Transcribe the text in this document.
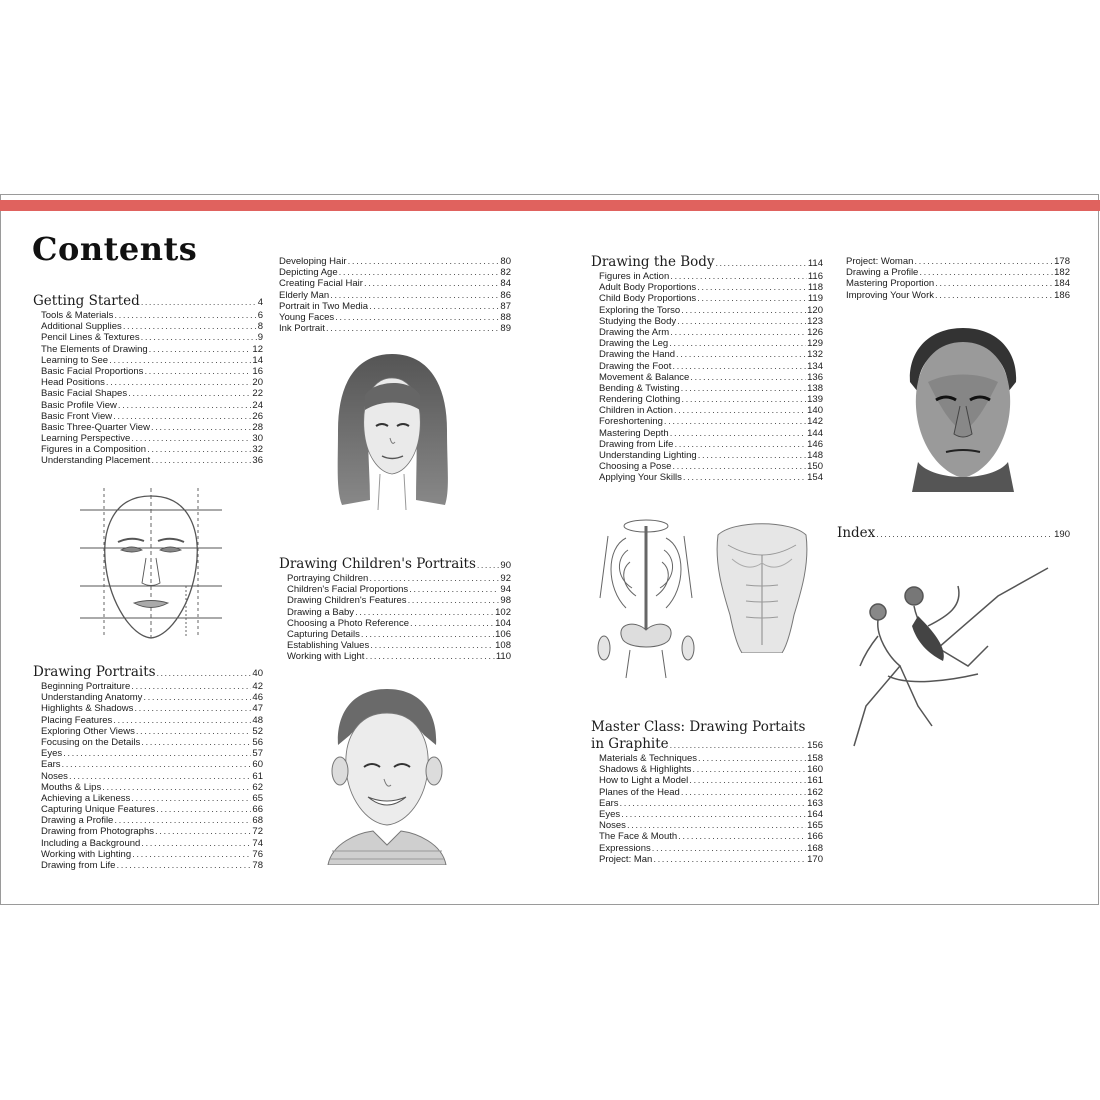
Contents
Getting Started .....	4
Tools & Materials .....	6
Additional Supplies .....	8
Pencil Lines & Textures .....	9
The Elements of Drawing .....	12
Learning to See .....	14
Basic Facial Proportions .....	16
Head Positions .....	20
Basic Facial Shapes .....	22
Basic Profile View .....	24
Basic Front View .....	26
Basic Three-Quarter View .....	28
Learning Perspective .....	30
Figures in a Composition .....	32
Understanding Placement .....	36
Drawing Portraits .....	40
Beginning Portraiture .....	42
Understanding Anatomy .....	46
Highlights & Shadows .....	47
Placing Features .....	48
Exploring Other Views .....	52
Focusing on the Details .....	56
Eyes .....	57
Ears .....	60
Noses .....	61
Mouths & Lips .....	62
Achieving a Likeness .....	65
Capturing Unique Features .....	66
Drawing a Profile .....	68
Drawing from Photographs .....	72
Including a Background .....	74
Working with Lighting .....	76
Drawing from Life .....	78
Developing Hair .....	80
Depicting Age .....	82
Creating Facial Hair .....	84
Elderly Man .....	86
Portrait in Two Media .....	87
Young Faces .....	88
Ink Portrait .....	89
Drawing Children's Portraits .....	90
Portraying Children .....	92
Children's Facial Proportions .....	94
Drawing Children's Features .....	98
Drawing a Baby .....	102
Choosing a Photo Reference .....	104
Capturing Details .....	106
Establishing Values .....	108
Working with Light .....	110
Drawing the Body .....	114
Figures in Action .....	116
Adult Body Proportions .....	118
Child Body Proportions .....	119
Exploring the Torso .....	120
Studying the Body .....	123
Drawing the Arm .....	126
Drawing the Leg .....	129
Drawing the Hand .....	132
Drawing the Foot .....	134
Movement & Balance .....	136
Bending & Twisting .....	138
Rendering Clothing .....	139
Children in Action .....	140
Foreshortening .....	142
Mastering Depth .....	144
Drawing from Life .....	146
Understanding Lighting .....	148
Choosing a Pose .....	150
Applying Your Skills .....	154
Master Class: Drawing Portaits
in Graphite .....	156
Materials & Techniques .....	158
Shadows & Highlights .....	160
How to Light a Model .....	161
Planes of the Head .....	162
Ears .....	163
Eyes .....	164
Noses .....	165
The Face & Mouth .....	166
Expressions .....	168
Project: Man .....	170
Project: Woman .....	178
Drawing a Profile .....	182
Mastering Proportion .....	184
Improving Your Work .....	186
Index .....	190
